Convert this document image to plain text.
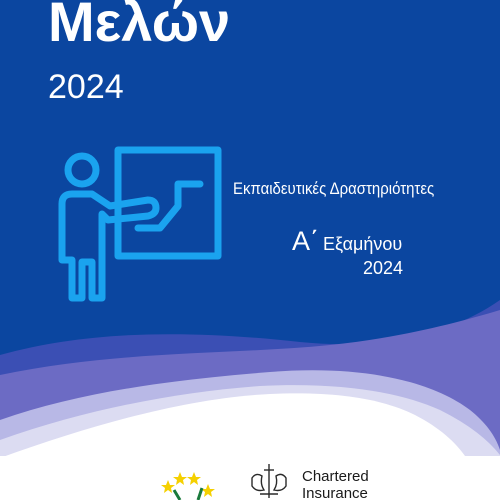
Μελών

2024

Εκπαιδευτικές Δραστηριότητες

Α΄ Εξαμήνου

2024

Chartered
Insurance
